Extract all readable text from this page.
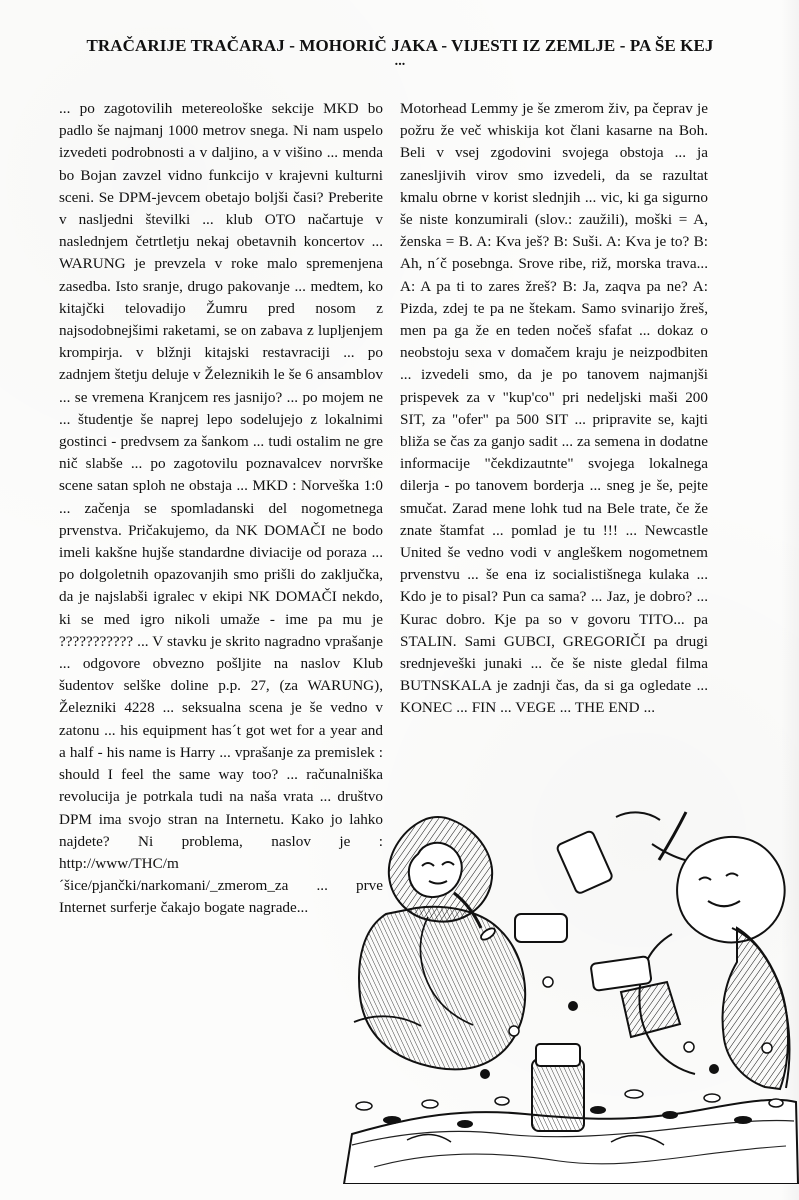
TRAČARIJE TRAČARAJ - MOHORIČ JAKA - VIJESTI IZ ZEMLJE - PA ŠE KEJ
...

... po zagotovilih metereološke sekcije MKD bo padlo še najmanj 1000 metrov snega. Ni nam uspelo izvedeti podrobnosti a v daljino, a v višino ... menda bo Bojan zavzel vidno funkcijo v krajevni kulturni sceni. Se DPM-jevcem obetajo boljši časi? Preberite v nasljedni številki ... klub OTO načartuje v naslednjem četrtletju nekaj obetavnih koncertov ... WARUNG je prevzela v roke malo spremenjena zasedba. Isto sranje, drugo pakovanje ... medtem, ko kitajčki telovadijo Žumru pred nosom z najsodobnejšimi raketami, se on zabava z lupljenjem krompirja. v blžnji kitajski restavraciji ... po zadnjem štetju deluje v Železnikih le še 6 ansamblov ... se vremena Kranjcem res jasnijo? ... po mojem ne ... študentje še naprej lepo sodelujejo z lokalnimi gostinci - predvsem za šankom ... tudi ostalim ne gre nič slabše ... po zagotovilu poznavalcev norvrške scene satan sploh ne obstaja ... MKD : Norveška 1:0 ... začenja se spomladanski del nogometnega prvenstva. Pričakujemo, da NK DOMAČI ne bodo imeli kakšne hujše standardne diviacije od poraza ... po dolgoletnih opazovanjih smo prišli do zaključka, da je najslabši igralec v ekipi NK DOMAČI nekdo, ki se med igro nikoli umaže - ime pa mu je ??????????? ... V stavku je skrito nagradno vprašanje ... odgovore obvezno pošljite na naslov Klub šudentov selške doline p.p. 27, (za WARUNG), Železniki 4228 ... seksualna scena je še vedno v zatonu ... his equipment has´t got wet for a year and a half - his name is Harry ... vprašanje za premislek : should I feel the same way too? ... računalniška revolucija je potrkala tudi na naša vrata ... društvo DPM ima svojo stran na Internetu. Kako jo lahko najdete? Ni problema, naslov je : http://www/THC/m´šice/pjančki/narkomani/_zmerom_za ... prve Internet surferje čakajo bogate nagrade...

Motorhead Lemmy je še zmerom živ, pa čeprav je požru že več whiskija kot člani kasarne na Boh. Beli v vsej zgodovini svojega obstoja ... ja zanesljivih virov smo izvedeli, da se razultat kmalu obrne v korist slednjih ... vic, ki ga sigurno še niste konzumirali (slov.: zaužili), moški = A, ženska = B. A: Kva ješ? B: Suši. A: Kva je to? B: Ah, n´č posebnga. Srove ribe, riž, morska trava... A: A pa ti to zares žreš? B: Ja, zaqva pa ne? A: Pizda, zdej te pa ne štekam. Samo svinarijo žreš, men pa ga že en teden nočeš sfafat ... dokaz o neobstoju sexa v domačem kraju je neizpodbiten ... izvedeli smo, da je po tanovem najmanjši prispevek za v "kup'co" pri nedeljski maši 200 SIT, za "ofer" pa 500 SIT ... pripravite se, kajti bliža se čas za ganjo sadit ... za semena in dodatne informacije "čekdizautnte" svojega lokalnega dilerja - po tanovem borderja ... sneg je še, pejte smučat. Zarad mene lohk tud na Bele trate, če že znate štamfat ... pomlad je tu !!! ... Newcastle United še vedno vodi v angleškem nogometnem prvenstvu ... še ena iz socialistišnega kulaka ... Kdo je to pisal? Pun ca sama? ... Jaz, je dobro? ... Kurac dobro. Kje pa so v govoru TITO... pa STALIN. Sami GUBCI, GREGORIČI pa drugi srednjeveški junaki ... če še niste gledal filma BUTNSKALA je zadnji čas, da si ga ogledate ... KONEC ... FIN ... VEGE ... THE END ...
